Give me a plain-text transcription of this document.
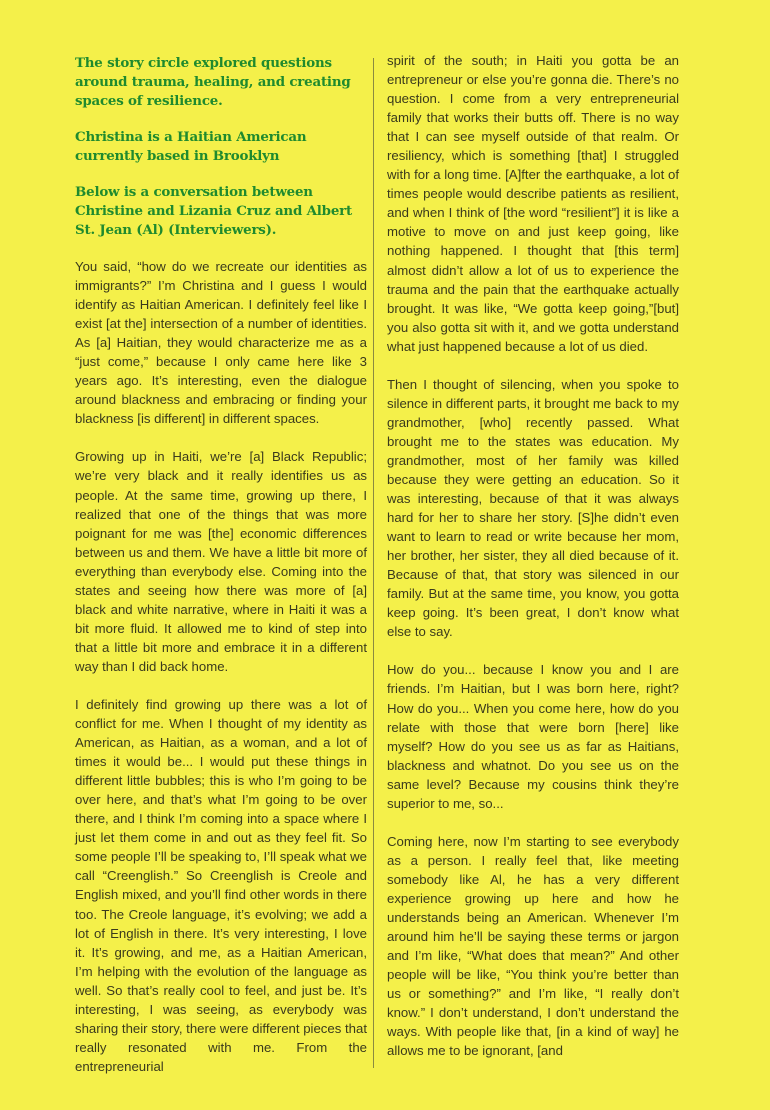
The story circle explored questions around trauma, healing, and creating spaces of resilience.

Christina is a Haitian American currently based in Brooklyn

Below is a conversation between Christine and Lizania Cruz and Albert St. Jean (Al) (Interviewers).

You said, “how do we recreate our identities as immigrants?” I’m Christina and I guess I would identify as Haitian American. I definitely feel like I exist [at the] intersection of a number of identities. As [a] Haitian, they would characterize me as a “just come,” because I only came here like 3 years ago. It’s interesting, even the dialogue around blackness and embracing or finding your blackness [is different] in different spaces.

Growing up in Haiti, we’re [a] Black Republic; we’re very black and it really identifies us as people. At the same time, growing up there, I realized that one of the things that was more poignant for me was [the] economic differences between us and them. We have a little bit more of everything than everybody else. Coming into the states and seeing how there was more of [a] black and white narrative, where in Haiti it was a bit more fluid. It allowed me to kind of step into that a little bit more and embrace it in a different way than I did back home.

I definitely find growing up there was a lot of conflict for me. When I thought of my identity as American, as Haitian, as a woman, and a lot of times it would be... I would put these things in different little bubbles; this is who I’m going to be over here, and that’s what I’m going to be over there, and I think I’m coming into a space where I just let them come in and out as they feel fit. So some people I’ll be speaking to, I’ll speak what we call “Creenglish.” So Creenglish is Creole and English mixed, and you’ll find other words in there too. The Creole language, it’s evolving; we add a lot of English in there. It’s very interesting, I love it. It’s growing, and me, as a Haitian American, I’m helping with the evolution of the language as well. So that’s really cool to feel, and just be. It’s interesting, I was seeing, as everybody was sharing their story, there were different pieces that really resonated with me. From the entrepreneurial

spirit of the south; in Haiti you gotta be an entrepreneur or else you’re gonna die. There’s no question. I come from a very entrepreneurial family that works their butts off. There is no way that I can see myself outside of that realm. Or resiliency, which is something [that] I struggled with for a long time. [A]fter the earthquake, a lot of times people would describe patients as resilient, and when I think of [the word “resilient”] it is like a motive to move on and just keep going, like nothing happened. I thought that [this term] almost didn’t allow a lot of us to experience the trauma and the pain that the earthquake actually brought. It was like, “We gotta keep going,”[but] you also gotta sit with it, and we gotta understand what just happened because a lot of us died.

Then I thought of silencing, when you spoke to silence in different parts, it brought me back to my grandmother, [who] recently passed. What brought me to the states was education. My grandmother, most of her family was killed because they were getting an education. So it was interesting, because of that it was always hard for her to share her story. [S]he didn’t even want to learn to read or write because her mom, her brother, her sister, they all died because of it. Because of that, that story was silenced in our family. But at the same time, you know, you gotta keep going. It’s been great, I don’t know what else to say.

How do you... because I know you and I are friends. I’m Haitian, but I was born here, right? How do you... When you come here, how do you relate with those that were born [here] like myself? How do you see us as far as Haitians, blackness and whatnot. Do you see us on the same level? Because my cousins think they’re superior to me, so...

Coming here, now I’m starting to see everybody as a person. I really feel that, like meeting somebody like Al, he has a very different experience growing up here and how he understands being an American. Whenever I’m around him he’ll be saying these terms or jargon and I’m like, “What does that mean?” And other people will be like, “You think you’re better than us or something?” and I’m like, “I really don’t know.” I don’t understand, I don’t understand the ways. With people like that, [in a kind of way] he allows me to be ignorant, [and
